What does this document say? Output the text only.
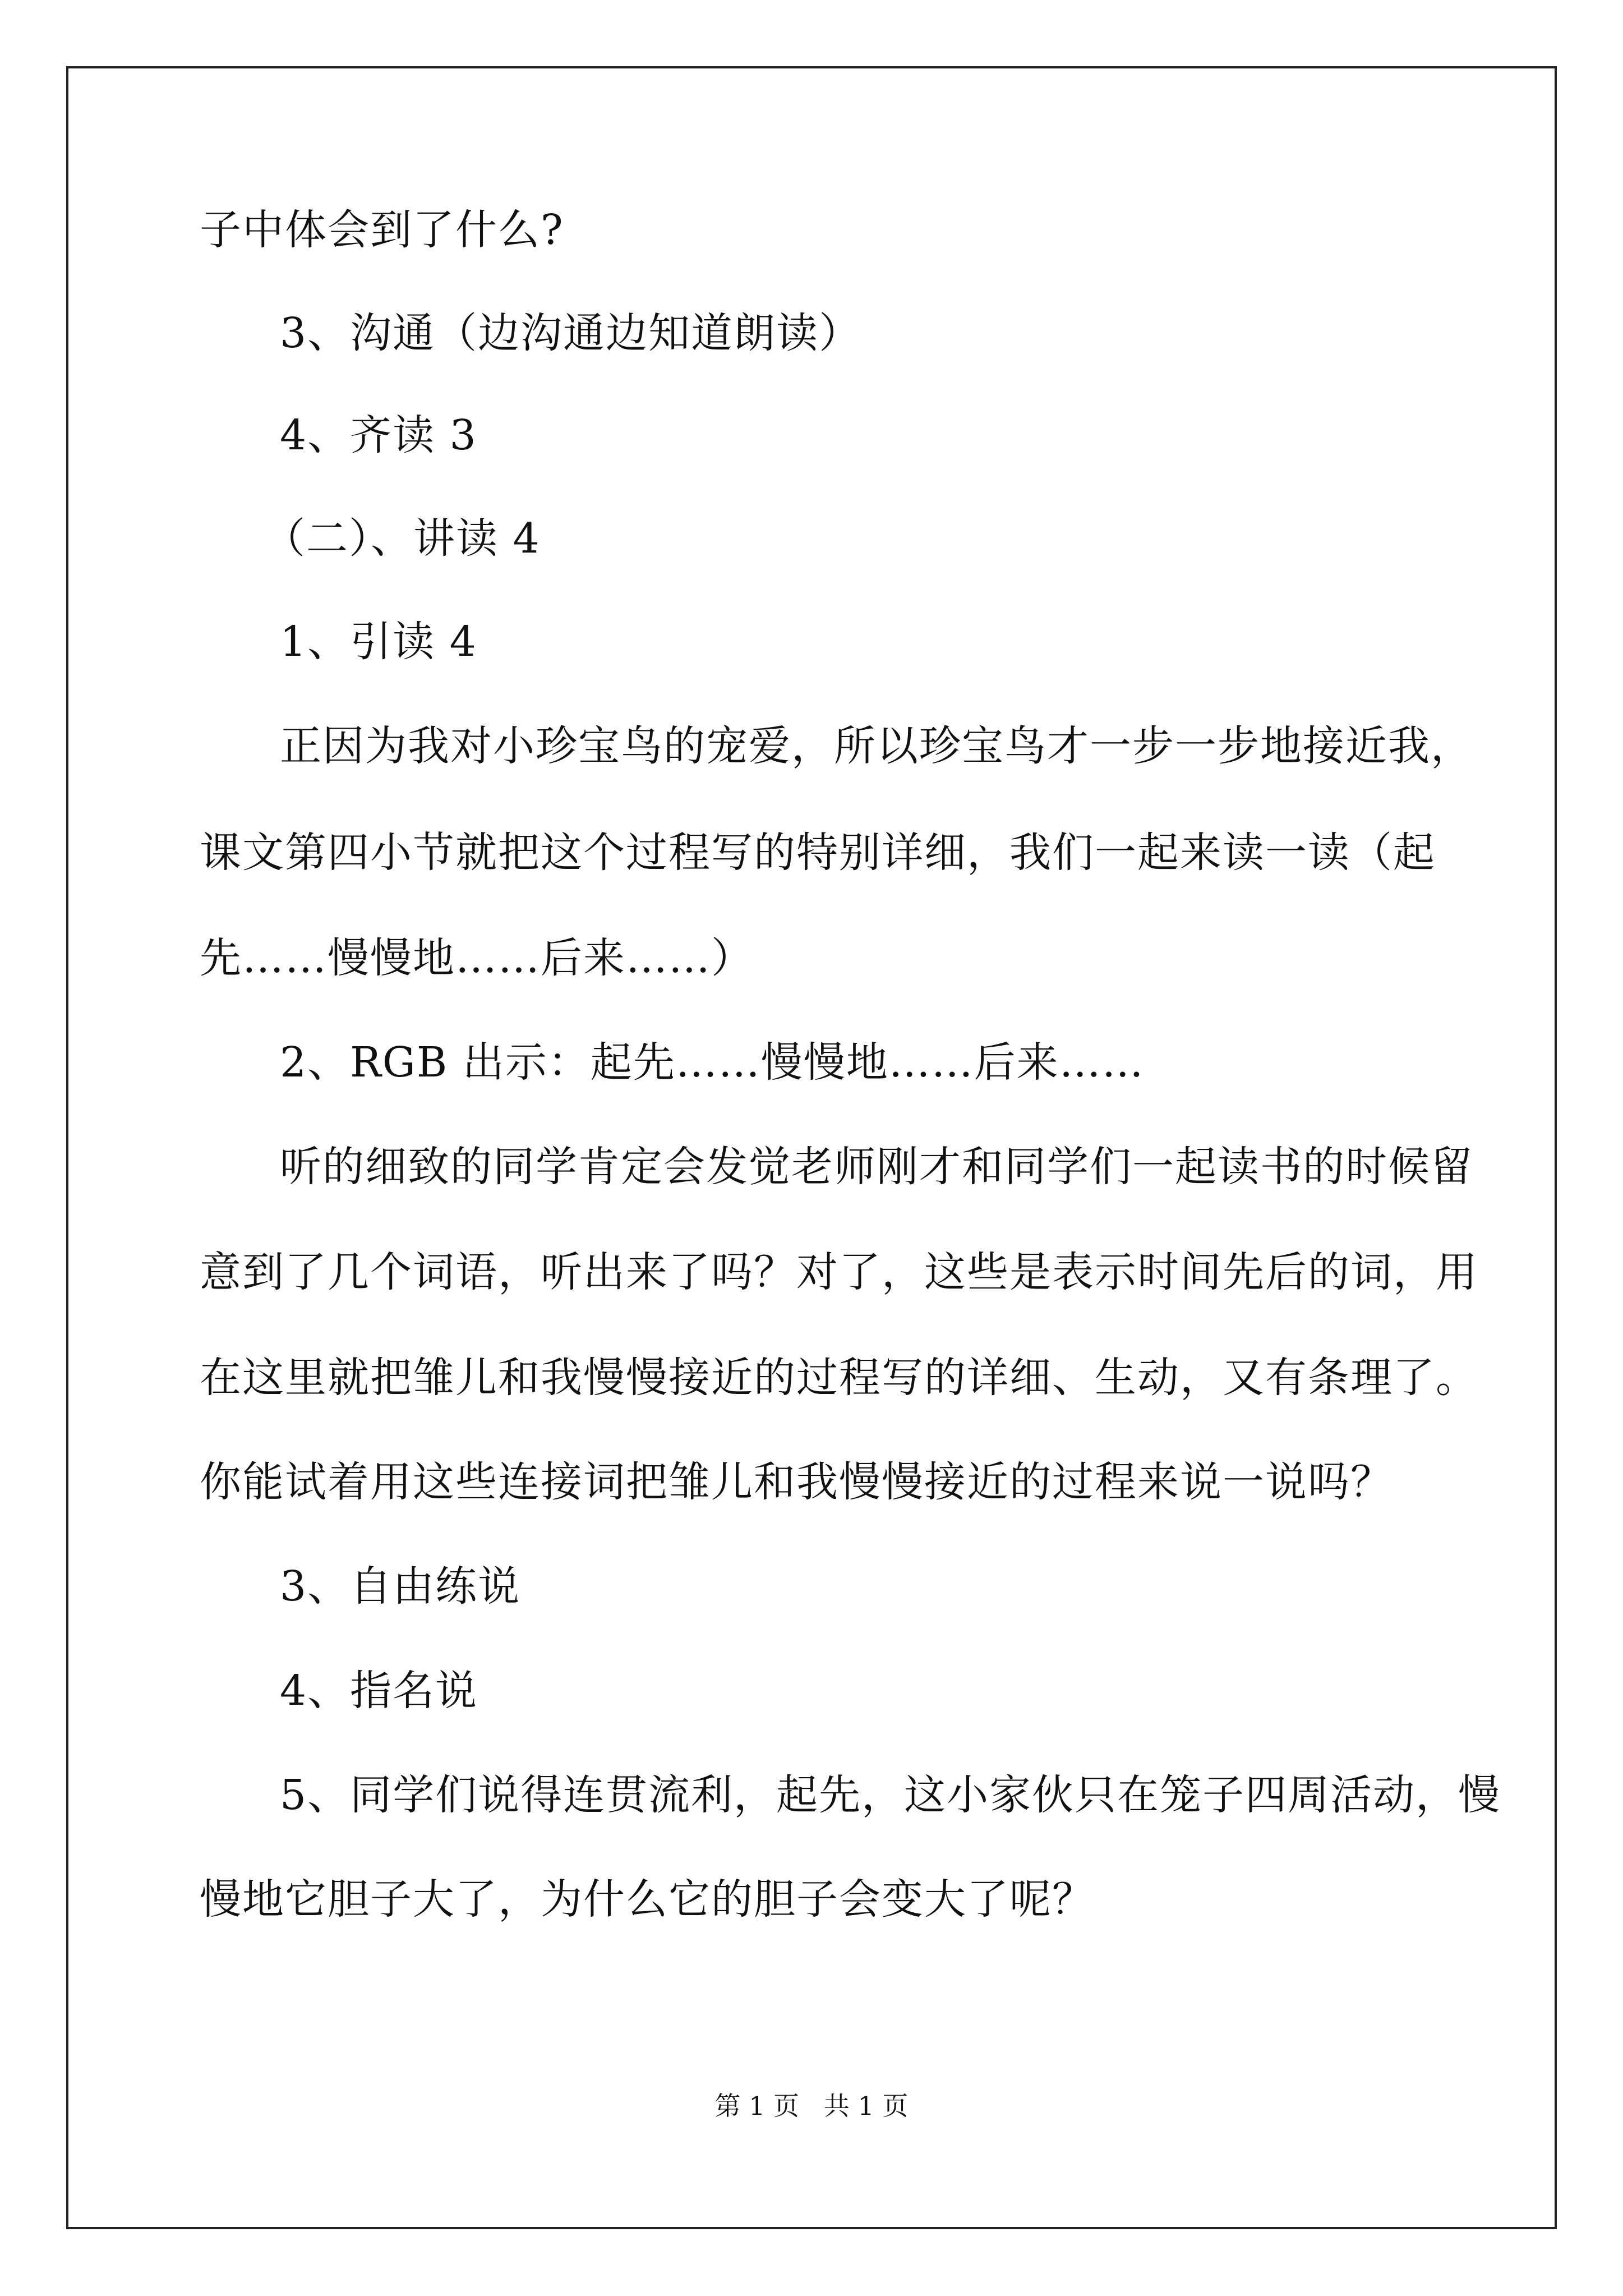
子中体会到了什么?

3、沟通（边沟通边知道朗读）

4、齐读 3

（二）、讲读 4

1、引读 4

正因为我对小珍宝鸟的宠爱，所以珍宝鸟才一步一步地接近我，

课文第四小节就把这个过程写的特别详细，我们一起来读一读（起

先……慢慢地……后来……）

2、RGB 出示：起先……慢慢地……后来……

听的细致的同学肯定会发觉老师刚才和同学们一起读书的时候留

意到了几个词语，听出来了吗？对了，这些是表示时间先后的词，用

在这里就把雏儿和我慢慢接近的过程写的详细、生动，又有条理了。

你能试着用这些连接词把雏儿和我慢慢接近的过程来说一说吗？

3、自由练说

4、指名说

5、同学们说得连贯流利，起先，这小家伙只在笼子四周活动，慢

慢地它胆子大了，为什么它的胆子会变大了呢？

第 1 页   共 1 页
